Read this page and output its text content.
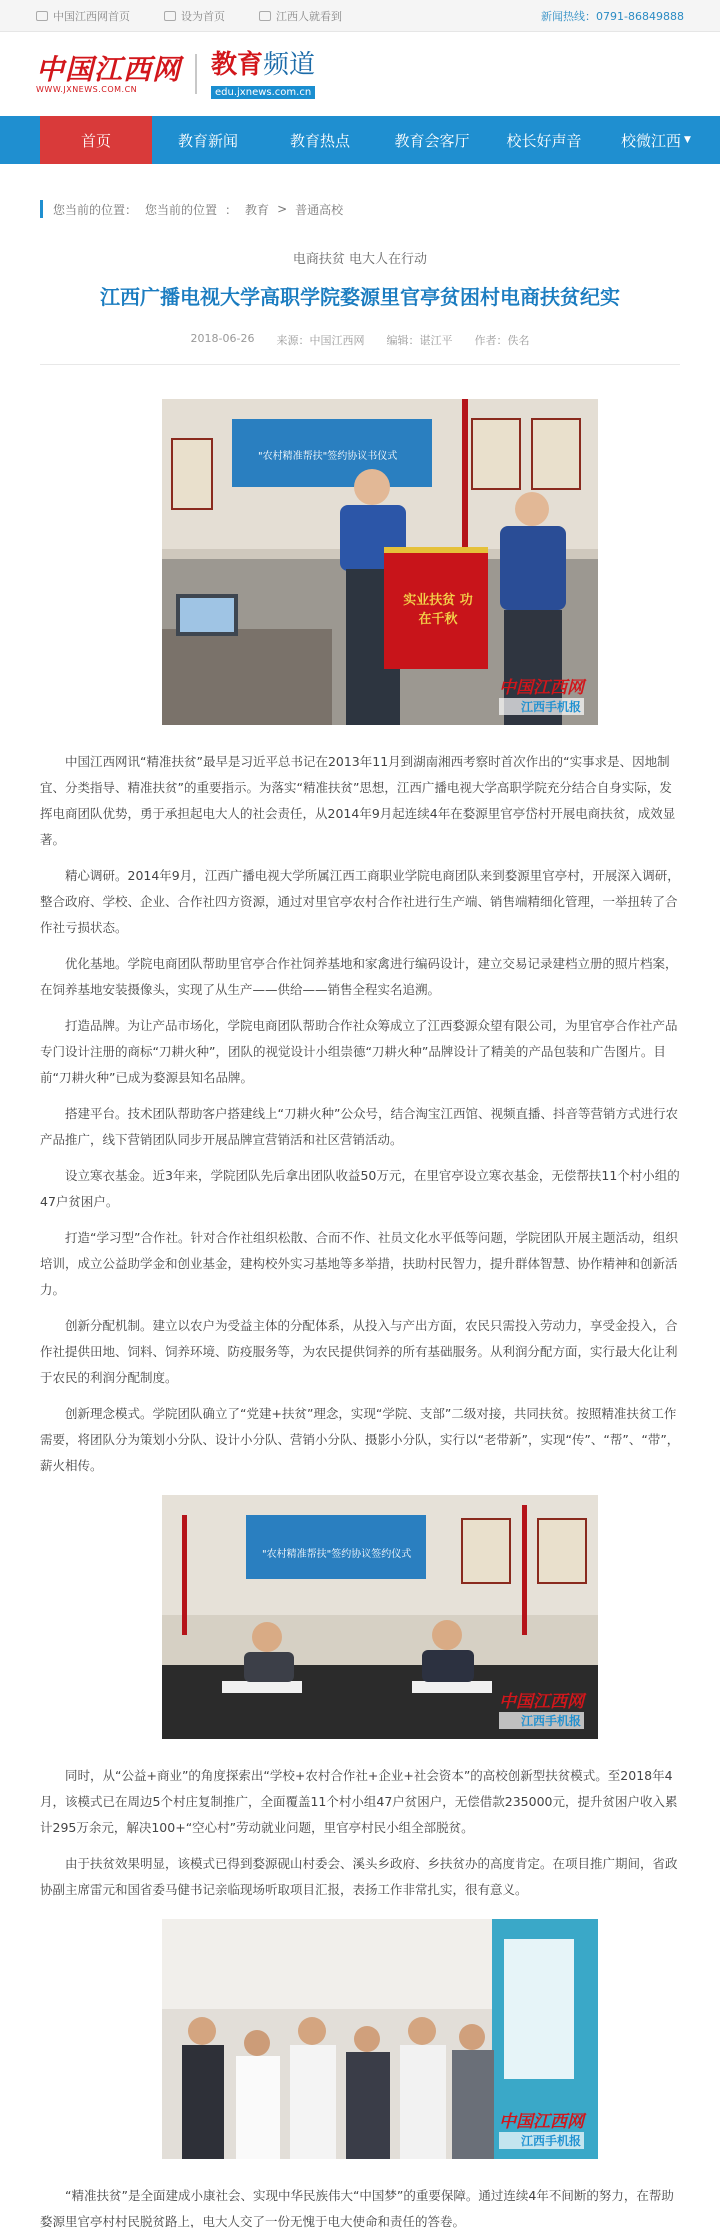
中国江西网首页	设为首页	江西人就看到	新闻热线：0791-86849888
中国江西网
WWW.JXNEWS.COM.CN
教育频道
edu.jxnews.com.cn
首页	教育新闻	教育热点	教育会客厅 校长好声音	校微江西 ▼
您当前的位置： 您当前的位置 ： 教育 > 普通高校
电商扶贫 电大人在行动
江西广播电视大学高职学院婺源里官亭贫困村电商扶贫纪实
2018-06-26 来源：中国江西网 编辑：谌江平 作者：佚名
"农村精准帮扶"签约协议书仪式
实业扶贫 功在千秋
中国江西网
江西手机报

中国江西网讯“精准扶贫”最早是习近平总书记在2013年11月到湖南湘西考察时首次作出的“实事求是、因地制宜、分类指导、精准扶贫”的重要指示。为落实“精准扶贫”思想，江西广播电视大学高职学院充分结合自身实际，发挥电商团队优势，勇于承担起电大人的社会责任，从2014年9月起连续4年在婺源里官亭岱村开展电商扶贫，成效显著。

精心调研。2014年9月，江西广播电视大学所属江西工商职业学院电商团队来到婺源里官亭村，开展深入调研，整合政府、学校、企业、合作社四方资源，通过对里官亭农村合作社进行生产端、销售端精细化管理，一举扭转了合作社亏损状态。

优化基地。学院电商团队帮助里官亭合作社饲养基地和家禽进行编码设计，建立交易记录建档立册的照片档案，在饲养基地安装摄像头，实现了从生产——供给——销售全程实名追溯。

打造品牌。为让产品市场化，学院电商团队帮助合作社众筹成立了江西婺源众望有限公司，为里官亭合作社产品专门设计注册的商标“刀耕火种”，团队的视觉设计小组崇德“刀耕火种”品牌设计了精美的产品包装和广告图片。目前“刀耕火种”已成为婺源县知名品牌。

搭建平台。技术团队帮助客户搭建线上“刀耕火种”公众号，结合淘宝江西馆、视频直播、抖音等营销方式进行农产品推广，线下营销团队同步开展品牌宣营销活和社区营销活动。

设立寒衣基金。近3年来，学院团队先后拿出团队收益50万元，在里官亭设立寒衣基金，无偿帮扶11个村小组的47户贫困户。

打造“学习型”合作社。针对合作社组织松散、合而不作、社员文化水平低等问题，学院团队开展主题活动，组织培训，成立公益助学金和创业基金，建构校外实习基地等多举措，扶助村民智力，提升群体智慧、协作精神和创新活力。

创新分配机制。建立以农户为受益主体的分配体系，从投入与产出方面，农民只需投入劳动力，享受金投入，合作社提供田地、饲料、饲养环境、防疫服务等，为农民提供饲养的所有基础服务。从利润分配方面，实行最大化让利于农民的利润分配制度。

创新理念模式。学院团队确立了“党建+扶贫”理念，实现“学院、支部”二级对接，共同扶贫。按照精准扶贫工作需要，将团队分为策划小分队、设计小分队、营销小分队、摄影小分队，实行以“老带新”，实现“传”、“帮”、“带”，薪火相传。

"农村精准帮扶"签约协议签约仪式
中国江西网
江西手机报

同时，从“公益+商业”的角度探索出“学校+农村合作社+企业+社会资本”的高校创新型扶贫模式。至2018年4月，该模式已在周边5个村庄复制推广，全面覆盖11个村小组47户贫困户，无偿借款235000元，提升贫困户收入累计295万余元，解决100+“空心村”劳动就业问题，里官亭村民小组全部脱贫。

由于扶贫效果明显，该模式已得到婺源砚山村委会、溪头乡政府、乡扶贫办的高度肯定。在项目推广期间，省政协副主席雷元和国省委马健书记亲临现场听取项目汇报，表扬工作非常扎实，很有意义。

中国江西网
江西手机报

“精准扶贫”是全面建成小康社会、实现中华民族伟大“中国梦”的重要保障。通过连续4年不间断的努力，在帮助婺源里官亭村村民脱贫路上，电大人交了一份无愧于电大使命和责任的答卷。
